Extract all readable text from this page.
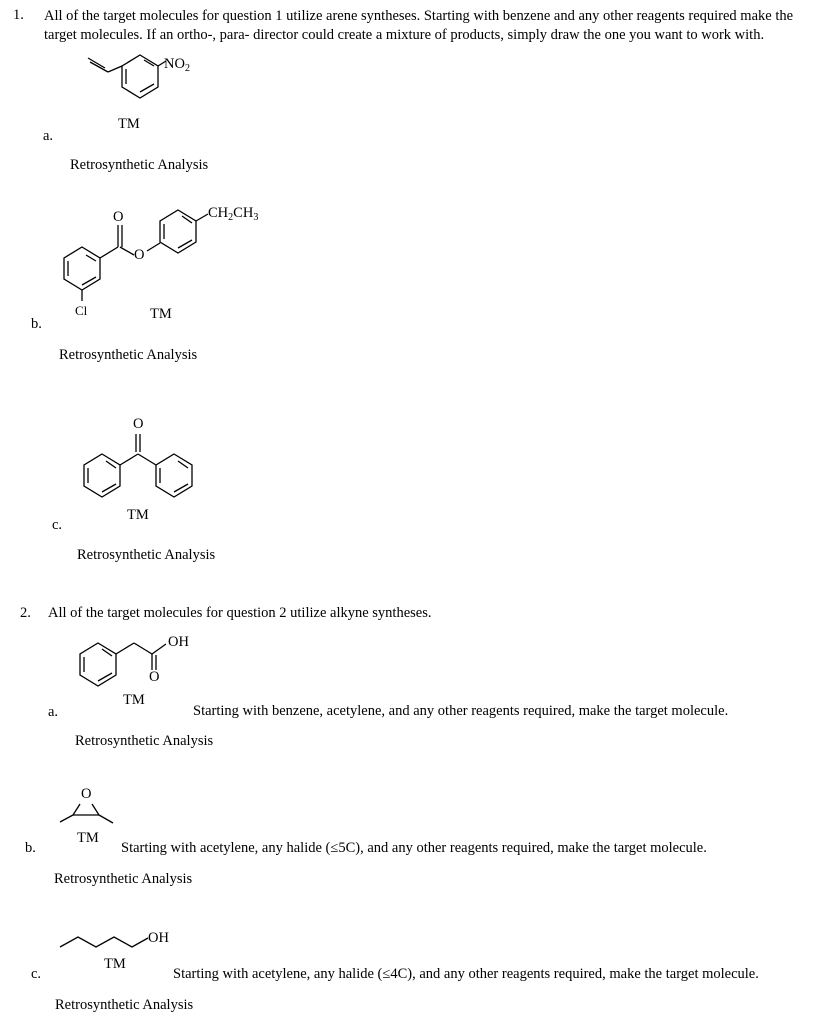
1. All of the target molecules for question 1 utilize arene syntheses. Starting with benzene and any other reagents required make the
target molecules. If an ortho-, para- director could create a mixture of products, simply draw the one you want to work with.
$NO_2$
TM
a.
Retrosynthetic Analysis
Cl
O
O
$CH_2CH_3$
TM
b.
Retrosynthetic Analysis
O
TM
c.
Retrosynthetic Analysis
2. All of the target molecules for question 2 utilize alkyne syntheses.
OH
O
TM
a.	Starting with benzene, acetylene, and any other reagents required, make the target molecule.
Retrosynthetic Analysis
O
TM
b.	Starting with acetylene, any halide (≤5C), and any other reagents required, make the target molecule.
Retrosynthetic Analysis
OH
TM
c.	Starting with acetylene, any halide (≤4C), and any other reagents required, make the target molecule.
Retrosynthetic Analysis
